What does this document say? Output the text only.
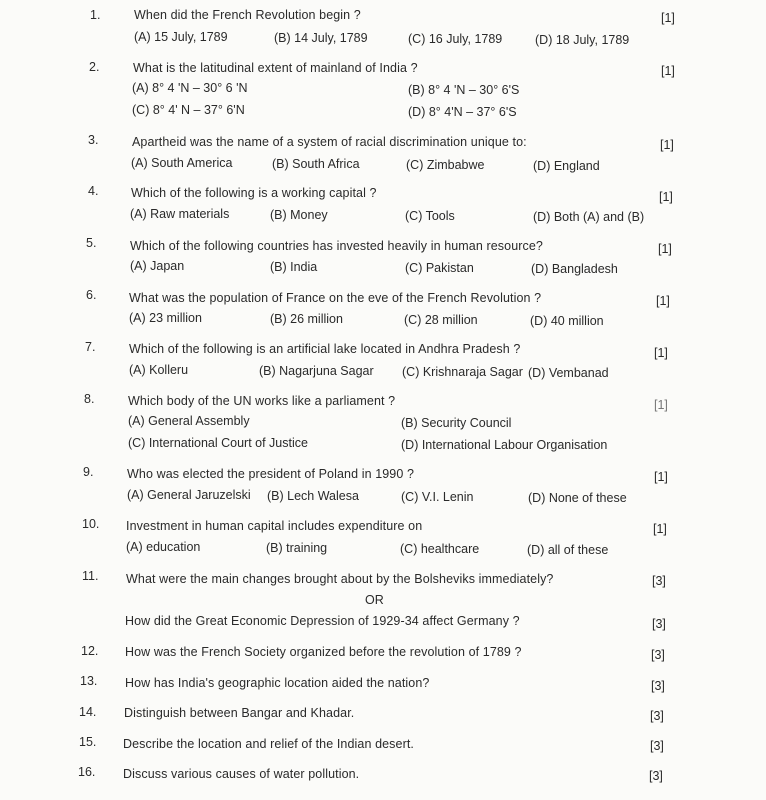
1.	When did the French Revolution begin ?	[1]
(A) 15 July, 1789	(B) 14 July, 1789	(C) 16 July, 1789	(D) 18 July, 1789
2.	What is the latitudinal extent of mainland of India ?	[1]
(A) 8° 4 'N – 30° 6 'N	(B) 8° 4 'N – 30° 6'S
(C) 8° 4' N – 37° 6'N	(D) 8° 4'N – 37° 6'S
3.	Apartheid was the name of a system of racial discrimination unique to:	[1]
(A) South America	(B) South Africa	(C) Zimbabwe	(D) England
4.	Which of the following is a working capital ?	[1]
(A) Raw materials	(B) Money	(C) Tools	(D) Both (A) and (B)
5.	Which of the following countries has invested heavily in human resource?	[1]
(A) Japan	(B) India	(C) Pakistan	(D) Bangladesh
6.	What was the population of France on the eve of the French Revolution ?	[1]
(A) 23 million	(B) 26 million	(C) 28 million	(D) 40 million
7.	Which of the following is an artificial lake located in Andhra Pradesh ?	[1]
(A) Kolleru	(B) Nagarjuna Sagar (C) Krishnaraja Sagar (D) Vembanad
8.	Which body of the UN works like a parliament ?	[1]
(A) General Assembly	(B) Security Council
(C) International Court of Justice	(D) International Labour Organisation
9.	Who was elected the president of Poland in 1990 ?	[1]
(A) General Jaruzelski (B) Lech Walesa	(C) V.I. Lenin	(D) None of these
10. Investment in human capital includes expenditure on	[1]
(A) education	(B) training	(C) healthcare	(D) all of these
11. What were the main changes brought about by the Bolsheviks immediately?	[3]
OR
How did the Great Economic Depression of 1929-34 affect Germany ?	[3]
12. How was the French Society organized before the revolution of 1789 ?	[3]
13. How has India's geographic location aided the nation?	[3]
14. Distinguish between Bangar and Khadar.	[3]
15. Describe the location and relief of the Indian desert.	[3]
16. Discuss various causes of water pollution.	[3]
